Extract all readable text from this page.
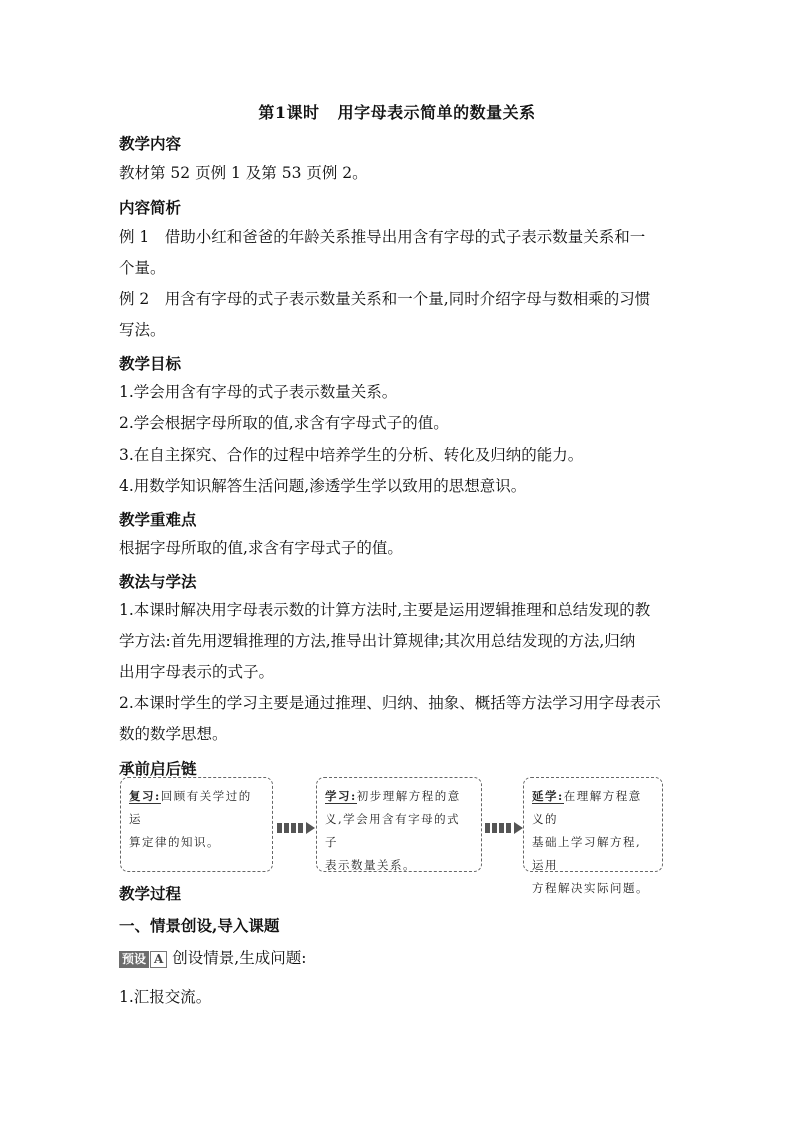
第1课时 用字母表示简单的数量关系
教学内容
教材第 52 页例 1 及第 53 页例 2。
内容简析
例 1　借助小红和爸爸的年龄关系推导出用含有字母的式子表示数量关系和一
个量。
例 2　用含有字母的式子表示数量关系和一个量,同时介绍字母与数相乘的习惯
写法。
教学目标
1.学会用含有字母的式子表示数量关系。
2.学会根据字母所取的值,求含有字母式子的值。
3.在自主探究、合作的过程中培养学生的分析、转化及归纳的能力。
4.用数学知识解答生活问题,渗透学生学以致用的思想意识。
教学重难点
根据字母所取的值,求含有字母式子的值。
教法与学法
1.本课时解决用字母表示数的计算方法时,主要是运用逻辑推理和总结发现的教
学方法:首先用逻辑推理的方法,推导出计算规律;其次用总结发现的方法,归纳
出用字母表示的式子。
2.本课时学生的学习主要是通过推理、归纳、抽象、概括等方法学习用字母表示
数的数学思想。
承前启后链
复习:回顾有关学过的运
算定律的知识。
学习:初步理解方程的意
义,学会用含有字母的式子
表示数量关系。
延学:在理解方程意义的
基础上学习解方程,运用
方程解决实际问题。
教学过程
一、情景创设,导入课题
预设 A 创设情景,生成问题:
1.汇报交流。
